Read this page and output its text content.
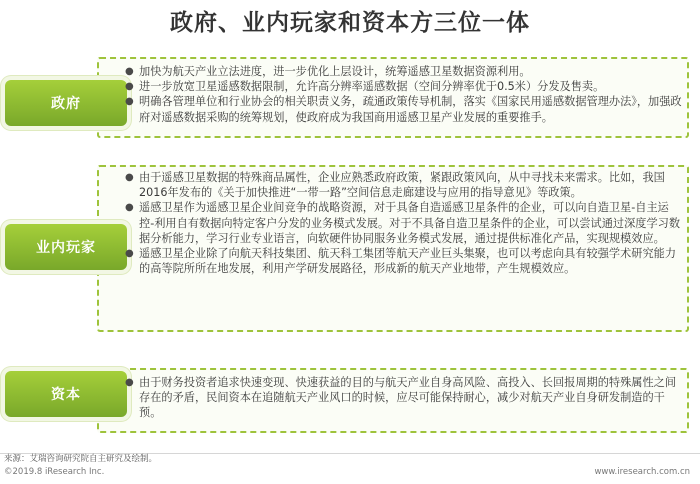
政府、业内玩家和资本方三位一体
政府
● 加快为航天产业立法进度，进一步优化上层设计，统筹遥感卫星数据资源利用。
● 进一步放宽卫星遥感数据限制，允许高分辨率遥感数据（空间分辨率优于0.5米）分发及售卖。
● 明确各管理单位和行业协会的相关职责义务，疏通政策传导机制，落实《国家民用遥感数据管理办法》，加强政府对遥感数据采购的统筹规划，使政府成为我国商用遥感卫星产业发展的重要推手。
业内玩家
● 由于遥感卫星数据的特殊商品属性，企业应熟悉政府政策，紧跟政策风向，从中寻找未来需求。比如，我国2016年发布的《关于加快推进“一带一路”空间信息走廊建设与应用的指导意见》等政策。
● 遥感卫星作为遥感卫星企业间竞争的战略资源，对于具备自造遥感卫星条件的企业，可以向自造卫星-自主运控-利用自有数据向特定客户分发的业务模式发展。对于不具备自造卫星条件的企业，可以尝试通过深度学习数据分析能力，学习行业专业语言，向软硬件协同服务业务模式发展，通过提供标准化产品，实现规模效应。
● 遥感卫星企业除了向航天科技集团、航天科工集团等航天产业巨头集聚，也可以考虑向具有较强学术研究能力的高等院所所在地发展，利用产学研发展路径，形成新的航天产业地带，产生规模效应。
资本
● 由于财务投资者追求快速变现、快速获益的目的与航天产业自身高风险、高投入、长回报周期的特殊属性之间存在的矛盾，民间资本在追随航天产业风口的时候，应尽可能保持耐心，减少对航天产业自身研发制造的干预。
来源：艾瑞咨询研究院自主研究及绘制。
©2019.8 iResearch Inc.	www.iresearch.com.cn
